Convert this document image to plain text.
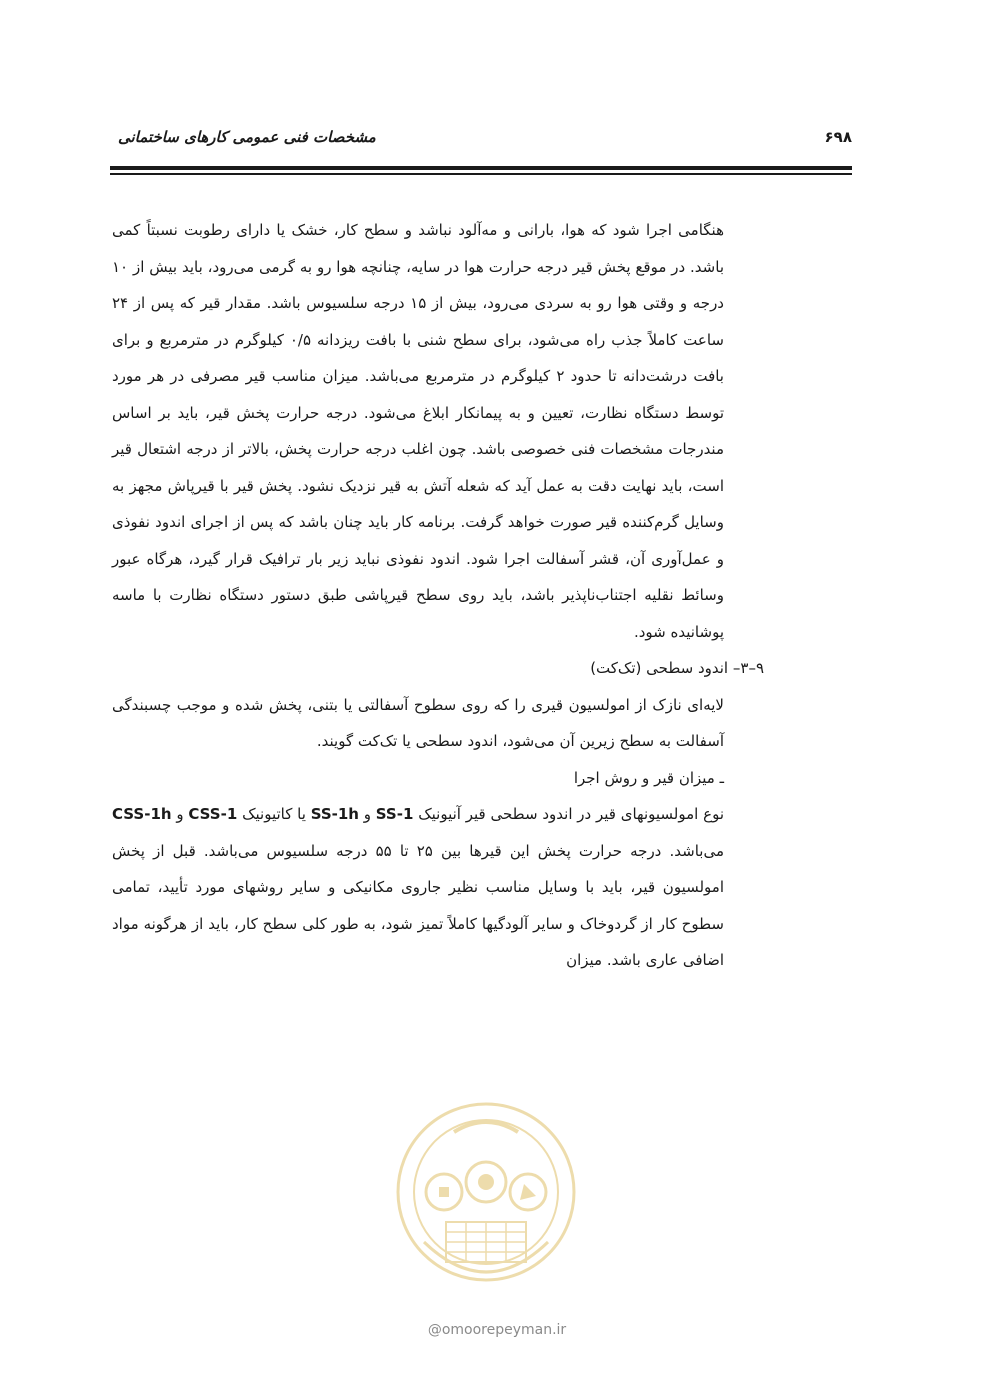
۶۹۸
مشخصات فنی عمومی کارهای ساختمانی

هنگامی اجرا شود که هوا، بارانی و مه‌آلود نباشد و سطح کار، خشک یا دارای رطوبت نسبتاً کمی باشد. در موقع پخش قیر درجه حرارت هوا در سایه، چنانچه هوا رو به گرمی می‌رود، باید بیش از ۱۰ درجه و وقتی هوا رو به سردی می‌رود، بیش از ۱۵ درجه سلسیوس باشد. مقدار قیر که پس از ۲۴ ساعت کاملاً جذب راه می‌شود، برای سطح شنی با بافت ریزدانه ۰/۵ کیلوگرم در مترمربع و برای بافت درشت‌دانه تا حدود ۲ کیلوگرم در مترمربع می‌باشد. میزان مناسب قیر مصرفی در هر مورد توسط دستگاه نظارت، تعیین و به پیمانکار ابلاغ می‌شود. درجه حرارت پخش قیر، باید بر اساس مندرجات مشخصات فنی خصوصی باشد. چون اغلب درجه حرارت پخش، بالاتر از درجه اشتعال قیر است، باید نهایت دقت به عمل آید که شعله آتش به قیر نزدیک نشود. پخش قیر با قیرپاش مجهز به وسایل گرم‌کننده قیر صورت خواهد گرفت. برنامه کار باید چنان باشد که پس از اجرای اندود نفوذی و عمل‌آوری آن، قشر آسفالت اجرا شود. اندود نفوذی نباید زیر بار ترافیک قرار گیرد، هرگاه عبور وسائط نقلیه اجتناب‌ناپذیر باشد، باید روی سطح قیرپاشی طبق دستور دستگاه نظارت با ماسه پوشانیده شود.

۹–۳– اندود سطحی (تک‌کت)

لایه‌ای نازک از امولسیون قیری را که روی سطوح آسفالتی یا بتنی، پخش شده و موجب چسبندگی آسفالت به سطح زیرین آن می‌شود، اندود سطحی یا تک‌کت گویند.

ـ میزان قیر و روش اجرا

نوع امولسیونهای قیر در اندود سطحی قیر آنیونیک SS-1 و SS-1h یا کاتیونیک CSS-1 و CSS-1h می‌باشد. درجه حرارت پخش این قیرها بین ۲۵ تا ۵۵ درجه سلسیوس می‌باشد. قبل از پخش امولسیون قیر، باید با وسایل مناسب نظیر جاروی مکانیکی و سایر روشهای مورد تأیید، تمامی سطوح کار از گردوخاک و سایر آلودگیها کاملاً تمیز شود، به طور کلی سطح کار، باید از هرگونه مواد اضافی عاری باشد. میزان

@omoorepeyman.ir
